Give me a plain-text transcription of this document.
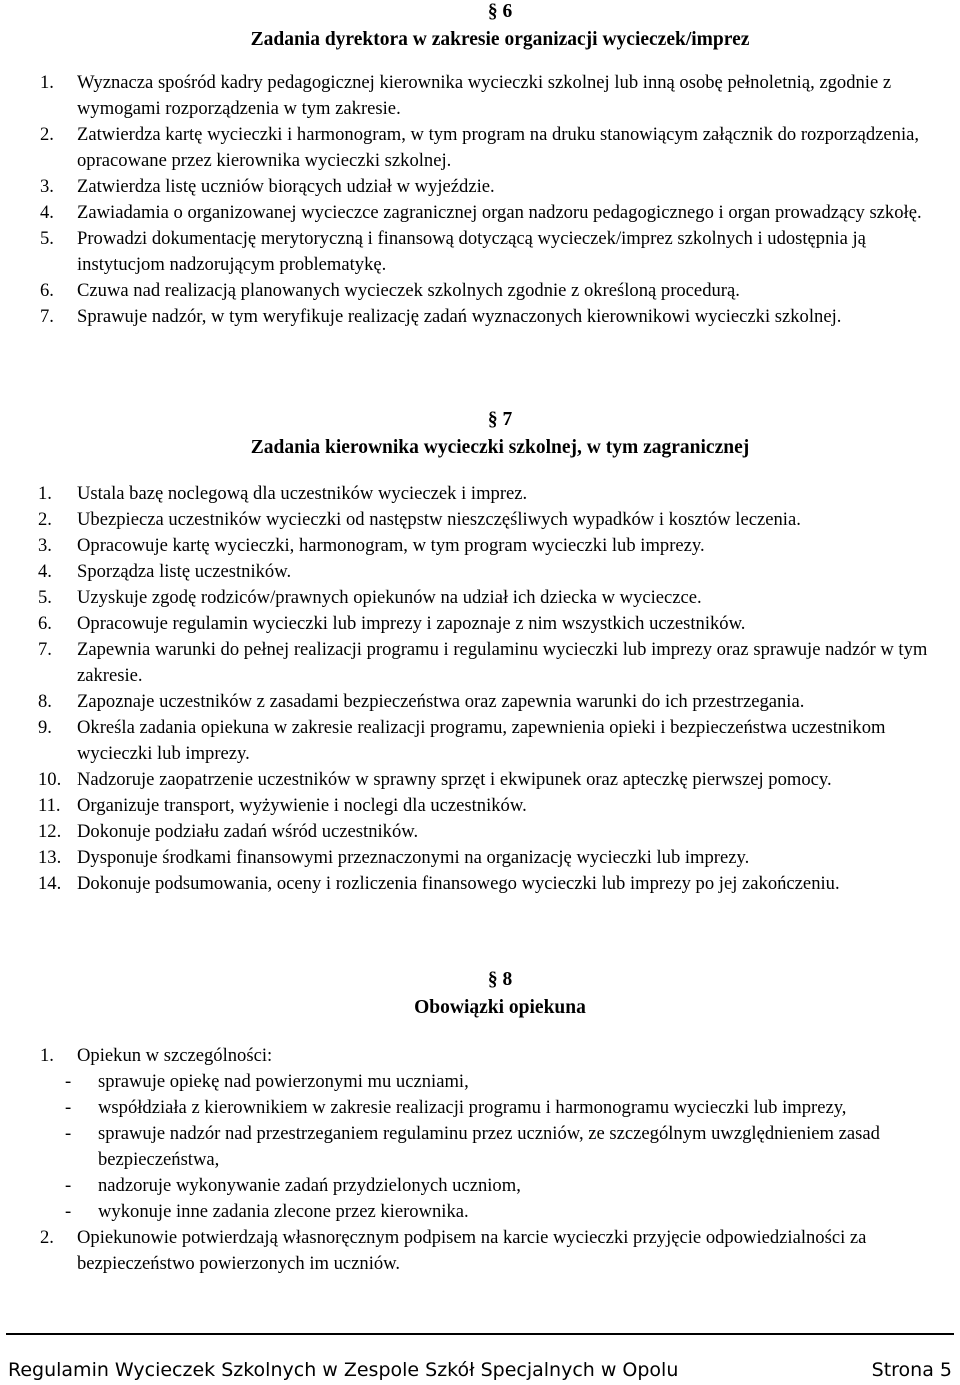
§ 6
Zadania dyrektora w zakresie organizacji wycieczek/imprez
1. Wyznacza spośród kadry pedagogicznej kierownika wycieczki szkolnej lub inną osobę pełnoletnią, zgodnie z wymogami rozporządzenia w tym zakresie.
2. Zatwierdza kartę wycieczki i harmonogram, w tym program na druku stanowiącym załącznik do rozporządzenia, opracowane przez kierownika wycieczki szkolnej.
3. Zatwierdza listę uczniów biorących udział w wyjeździe.
4. Zawiadamia o organizowanej wycieczce zagranicznej organ nadzoru pedagogicznego i organ prowadzący szkołę.
5. Prowadzi dokumentację merytoryczną i finansową dotyczącą wycieczek/imprez szkolnych i udostępnia ją instytucjom nadzorującym problematykę.
6. Czuwa nad realizacją planowanych wycieczek szkolnych zgodnie z określoną procedurą.
7. Sprawuje nadzór, w tym weryfikuje realizację zadań wyznaczonych kierownikowi wycieczki szkolnej.
§ 7
Zadania kierownika wycieczki szkolnej, w tym zagranicznej
1. Ustala bazę noclegową dla uczestników wycieczek i imprez.
2. Ubezpiecza uczestników wycieczki od następstw nieszczęśliwych wypadków i kosztów leczenia.
3. Opracowuje kartę wycieczki, harmonogram, w tym program wycieczki lub imprezy.
4. Sporządza listę uczestników.
5. Uzyskuje zgodę rodziców/prawnych opiekunów na udział ich dziecka w wycieczce.
6. Opracowuje regulamin wycieczki lub imprezy i zapoznaje z nim wszystkich uczestników.
7. Zapewnia warunki do pełnej realizacji programu i regulaminu wycieczki lub imprezy oraz sprawuje nadzór w tym zakresie.
8. Zapoznaje uczestników z zasadami bezpieczeństwa oraz zapewnia warunki do ich przestrzegania.
9. Określa zadania opiekuna w zakresie realizacji programu, zapewnienia opieki i bezpieczeństwa uczestnikom wycieczki lub imprezy.
10. Nadzoruje zaopatrzenie uczestników w sprawny sprzęt i ekwipunek oraz apteczkę pierwszej pomocy.
11. Organizuje transport, wyżywienie i noclegi dla uczestników.
12. Dokonuje podziału zadań wśród uczestników.
13. Dysponuje środkami finansowymi przeznaczonymi na organizację wycieczki lub imprezy.
14. Dokonuje podsumowania, oceny i rozliczenia finansowego wycieczki lub imprezy po jej zakończeniu.
§ 8
Obowiązki opiekuna
1. Opiekun w szczególności:
- sprawuje opiekę nad powierzonymi mu uczniami,
- współdziała z kierownikiem w zakresie realizacji programu i harmonogramu wycieczki lub imprezy,
- sprawuje nadzór nad przestrzeganiem regulaminu przez uczniów, ze szczególnym uwzględnieniem zasad bezpieczeństwa,
- nadzoruje wykonywanie zadań przydzielonych uczniom,
- wykonuje inne zadania zlecone przez kierownika.
2. Opiekunowie potwierdzają własnoręcznym podpisem na karcie wycieczki przyjęcie odpowiedzialności za bezpieczeństwo powierzonych im uczniów.
Regulamin Wycieczek Szkolnych w Zespole Szkół Specjalnych w Opolu	Strona 5
